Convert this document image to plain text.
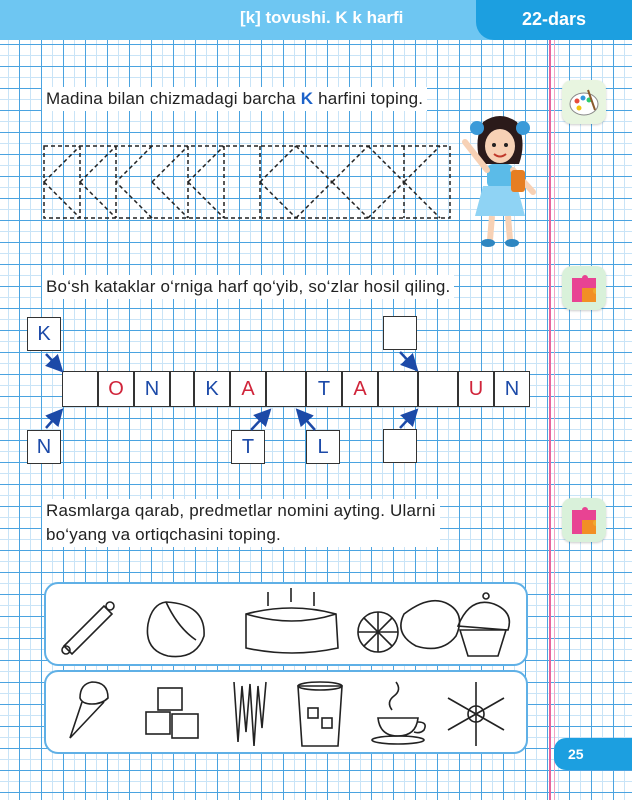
[k] tovushi. K k harfi	22-dars
Madina bilan chizmadagi barcha K harfini toping.
Bo‘sh kataklar o‘rniga harf qo‘yib, so‘zlar hosil qiling.
K
O	N	K	A	T	A	U	N
N	T	L
Rasmlarga qarab, predmetlar nomini ayting. Ularni
bo‘yang va ortiqchasini toping.
25
